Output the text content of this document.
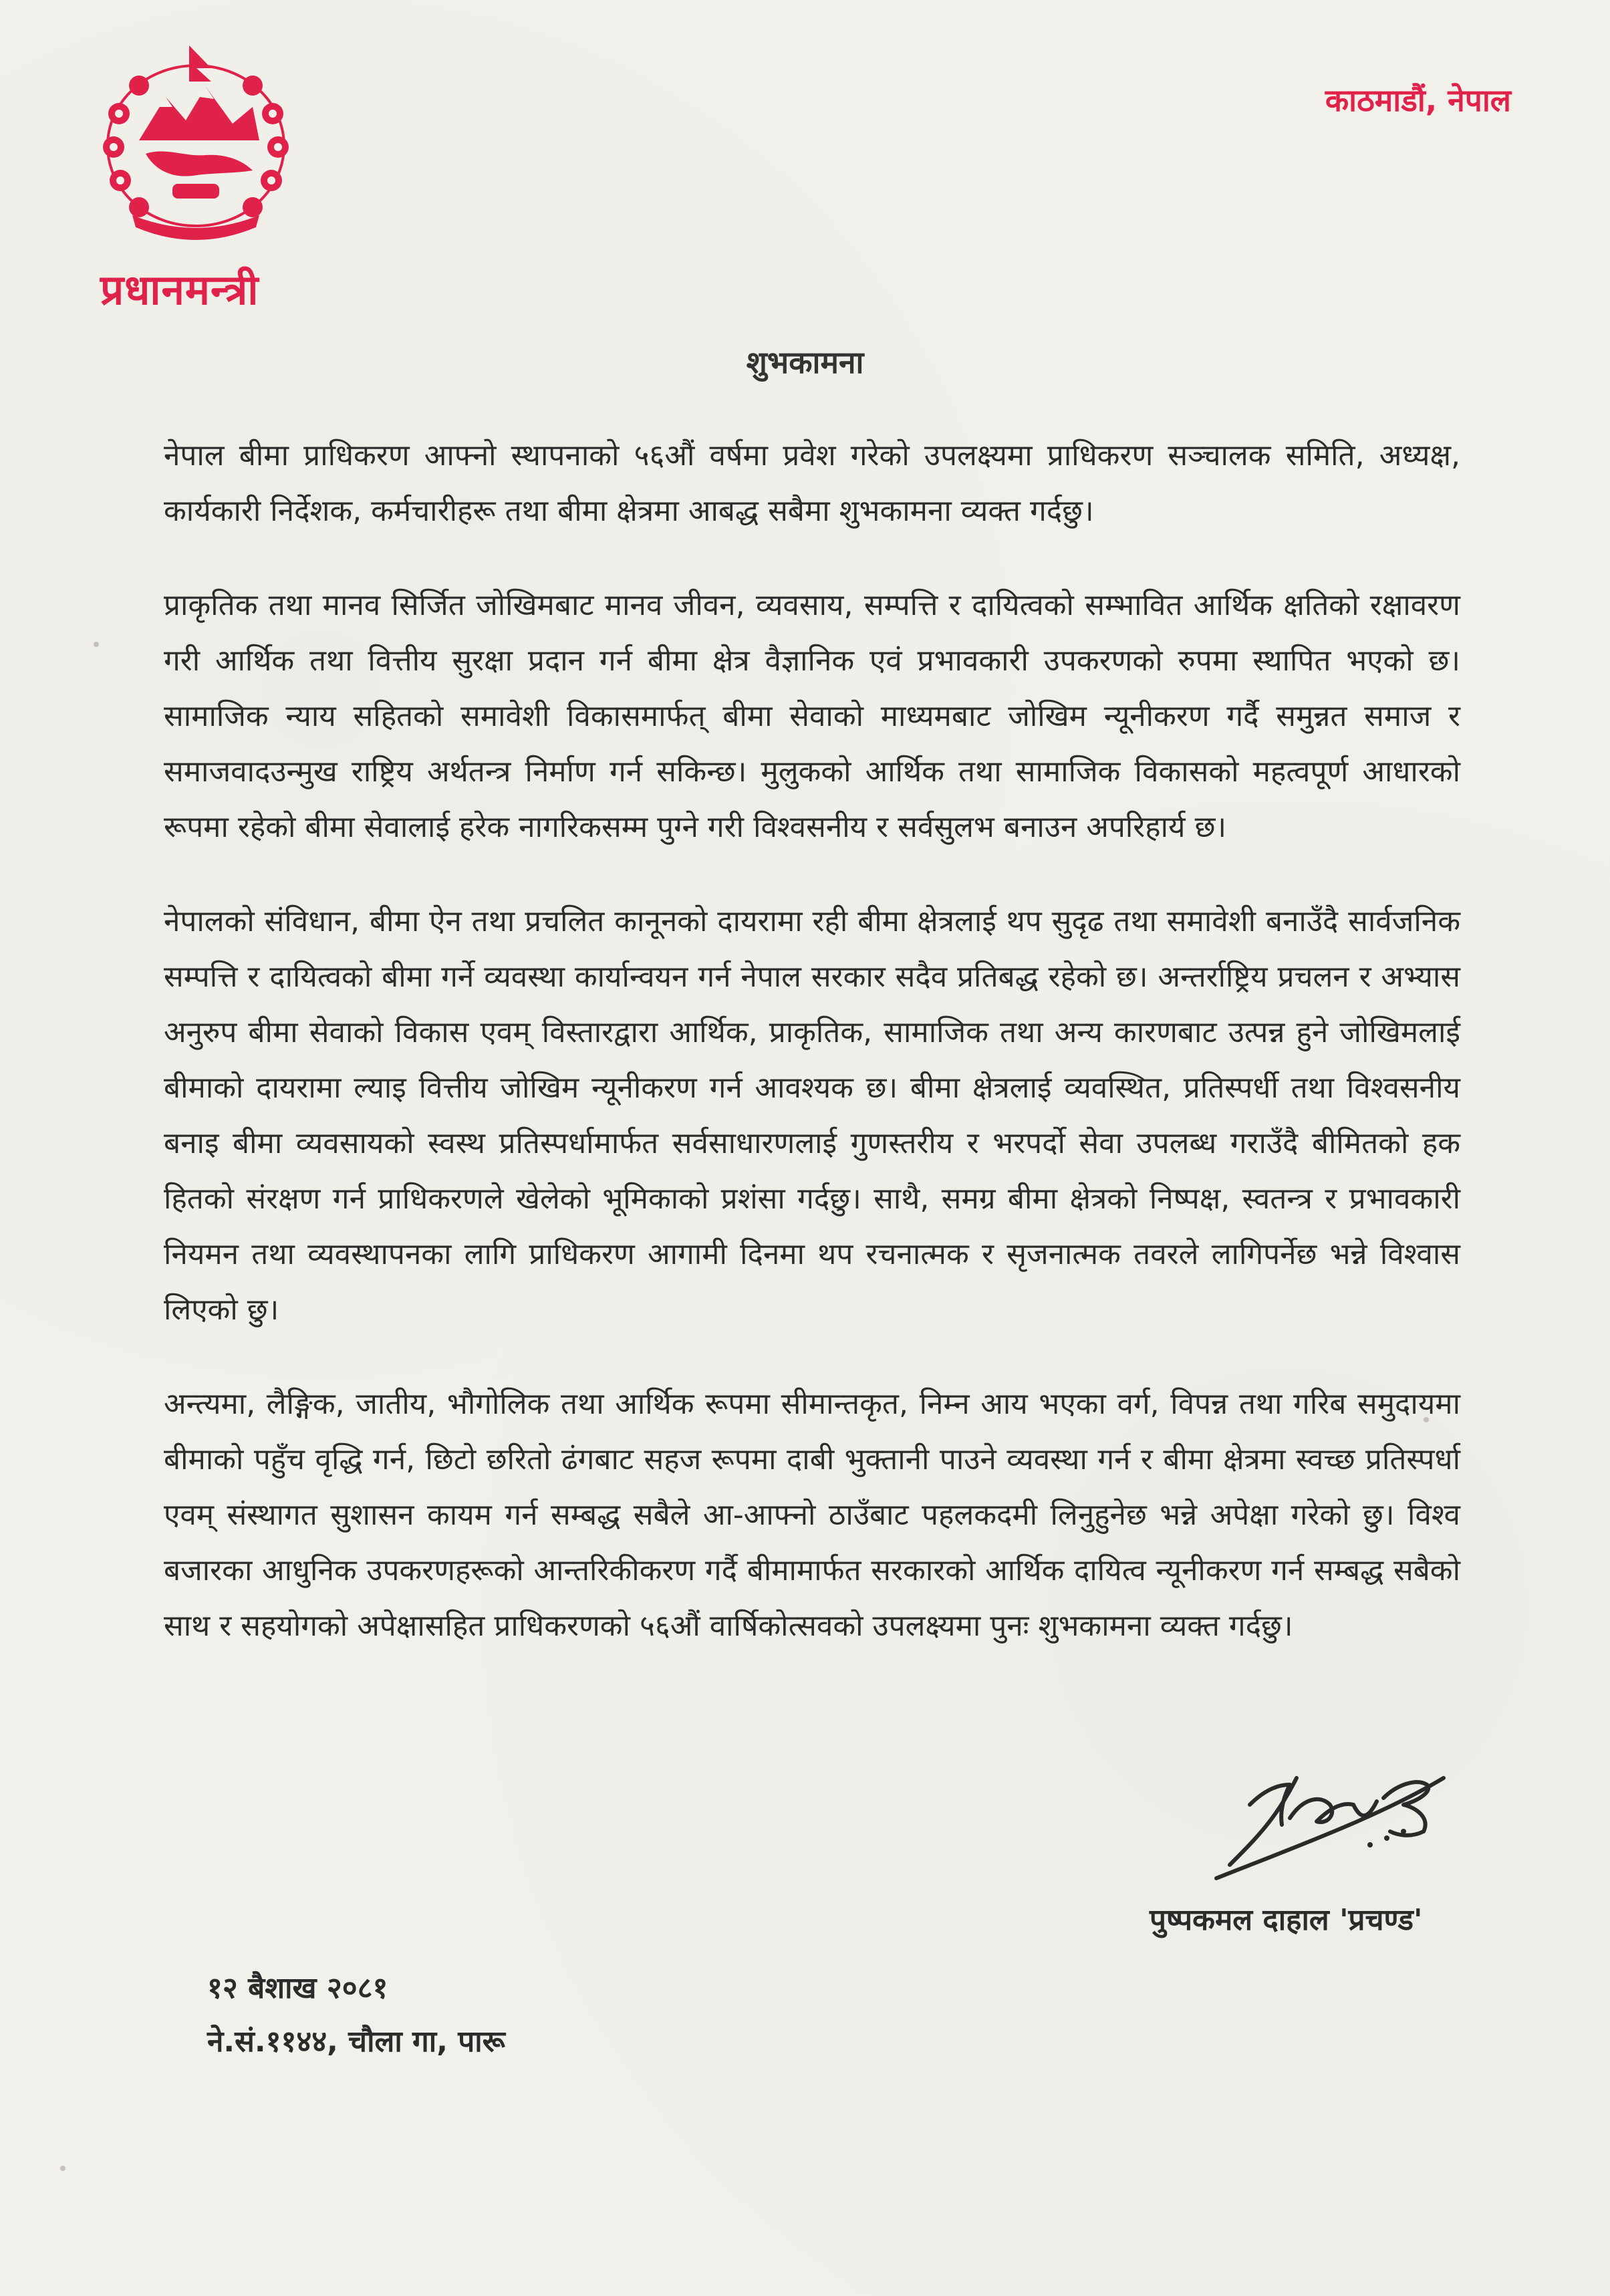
प्रधानमन्त्री
काठमाडौं, नेपाल
शुभकामना

नेपाल बीमा प्राधिकरण आफ्नो स्थापनाको ५६औं वर्षमा प्रवेश गरेको उपलक्ष्यमा प्राधिकरण सञ्चालक समिति, अध्यक्ष, कार्यकारी निर्देशक, कर्मचारीहरू तथा बीमा क्षेत्रमा आबद्ध सबैमा शुभकामना व्यक्त गर्दछु।

प्राकृतिक तथा मानव सिर्जित जोखिमबाट मानव जीवन, व्यवसाय, सम्पत्ति र दायित्वको सम्भावित आर्थिक क्षतिको रक्षावरण गरी आर्थिक तथा वित्तीय सुरक्षा प्रदान गर्न बीमा क्षेत्र वैज्ञानिक एवं प्रभावकारी उपकरणको रुपमा स्थापित भएको छ। सामाजिक न्याय सहितको समावेशी विकासमार्फत् बीमा सेवाको माध्यमबाट जोखिम न्यूनीकरण गर्दै समुन्नत समाज र समाजवादउन्मुख राष्ट्रिय अर्थतन्त्र निर्माण गर्न सकिन्छ। मुलुकको आर्थिक तथा सामाजिक विकासको महत्वपूर्ण आधारको रूपमा रहेको बीमा सेवालाई हरेक नागरिकसम्म पुग्ने गरी विश्वसनीय र सर्वसुलभ बनाउन अपरिहार्य छ।

नेपालको संविधान, बीमा ऐन तथा प्रचलित कानूनको दायरामा रही बीमा क्षेत्रलाई थप सुदृढ तथा समावेशी बनाउँदै सार्वजनिक सम्पत्ति र दायित्वको बीमा गर्ने व्यवस्था कार्यान्वयन गर्न नेपाल सरकार सदैव प्रतिबद्ध रहेको छ। अन्तर्राष्ट्रिय प्रचलन र अभ्यास अनुरुप बीमा सेवाको विकास एवम् विस्तारद्वारा आर्थिक, प्राकृतिक, सामाजिक तथा अन्य कारणबाट उत्पन्न हुने जोखिमलाई बीमाको दायरामा ल्याइ वित्तीय जोखिम न्यूनीकरण गर्न आवश्यक छ। बीमा क्षेत्रलाई व्यवस्थित, प्रतिस्पर्धी तथा विश्वसनीय बनाइ बीमा व्यवसायको स्वस्थ प्रतिस्पर्धामार्फत सर्वसाधारणलाई गुणस्तरीय र भरपर्दो सेवा उपलब्ध गराउँदै बीमितको हक हितको संरक्षण गर्न प्राधिकरणले खेलेको भूमिकाको प्रशंसा गर्दछु। साथै, समग्र बीमा क्षेत्रको निष्पक्ष, स्वतन्त्र र प्रभावकारी नियमन तथा व्यवस्थापनका लागि प्राधिकरण आगामी दिनमा थप रचनात्मक र सृजनात्मक तवरले लागिपर्नेछ भन्ने विश्वास लिएको छु।

अन्त्यमा, लैङ्गिक, जातीय, भौगोलिक तथा आर्थिक रूपमा सीमान्तकृत, निम्न आय भएका वर्ग, विपन्न तथा गरिब समुदायमा बीमाको पहुँच वृद्धि गर्न, छिटो छरितो ढंगबाट सहज रूपमा दाबी भुक्तानी पाउने व्यवस्था गर्न र बीमा क्षेत्रमा स्वच्छ प्रतिस्पर्धा एवम् संस्थागत सुशासन कायम गर्न सम्बद्ध सबैले आ-आफ्नो ठाउँबाट पहलकदमी लिनुहुनेछ भन्ने अपेक्षा गरेको छु। विश्व बजारका आधुनिक उपकरणहरूको आन्तरिकीकरण गर्दै बीमामार्फत सरकारको आर्थिक दायित्व न्यूनीकरण गर्न सम्बद्ध सबैको साथ र सहयोगको अपेक्षासहित प्राधिकरणको ५६औं वार्षिकोत्सवको उपलक्ष्यमा पुनः शुभकामना व्यक्त गर्दछु।

पुष्पकमल दाहाल 'प्रचण्ड'
१२ बैशाख २०८१
ने.सं.११४४, चौला गा, पारू
